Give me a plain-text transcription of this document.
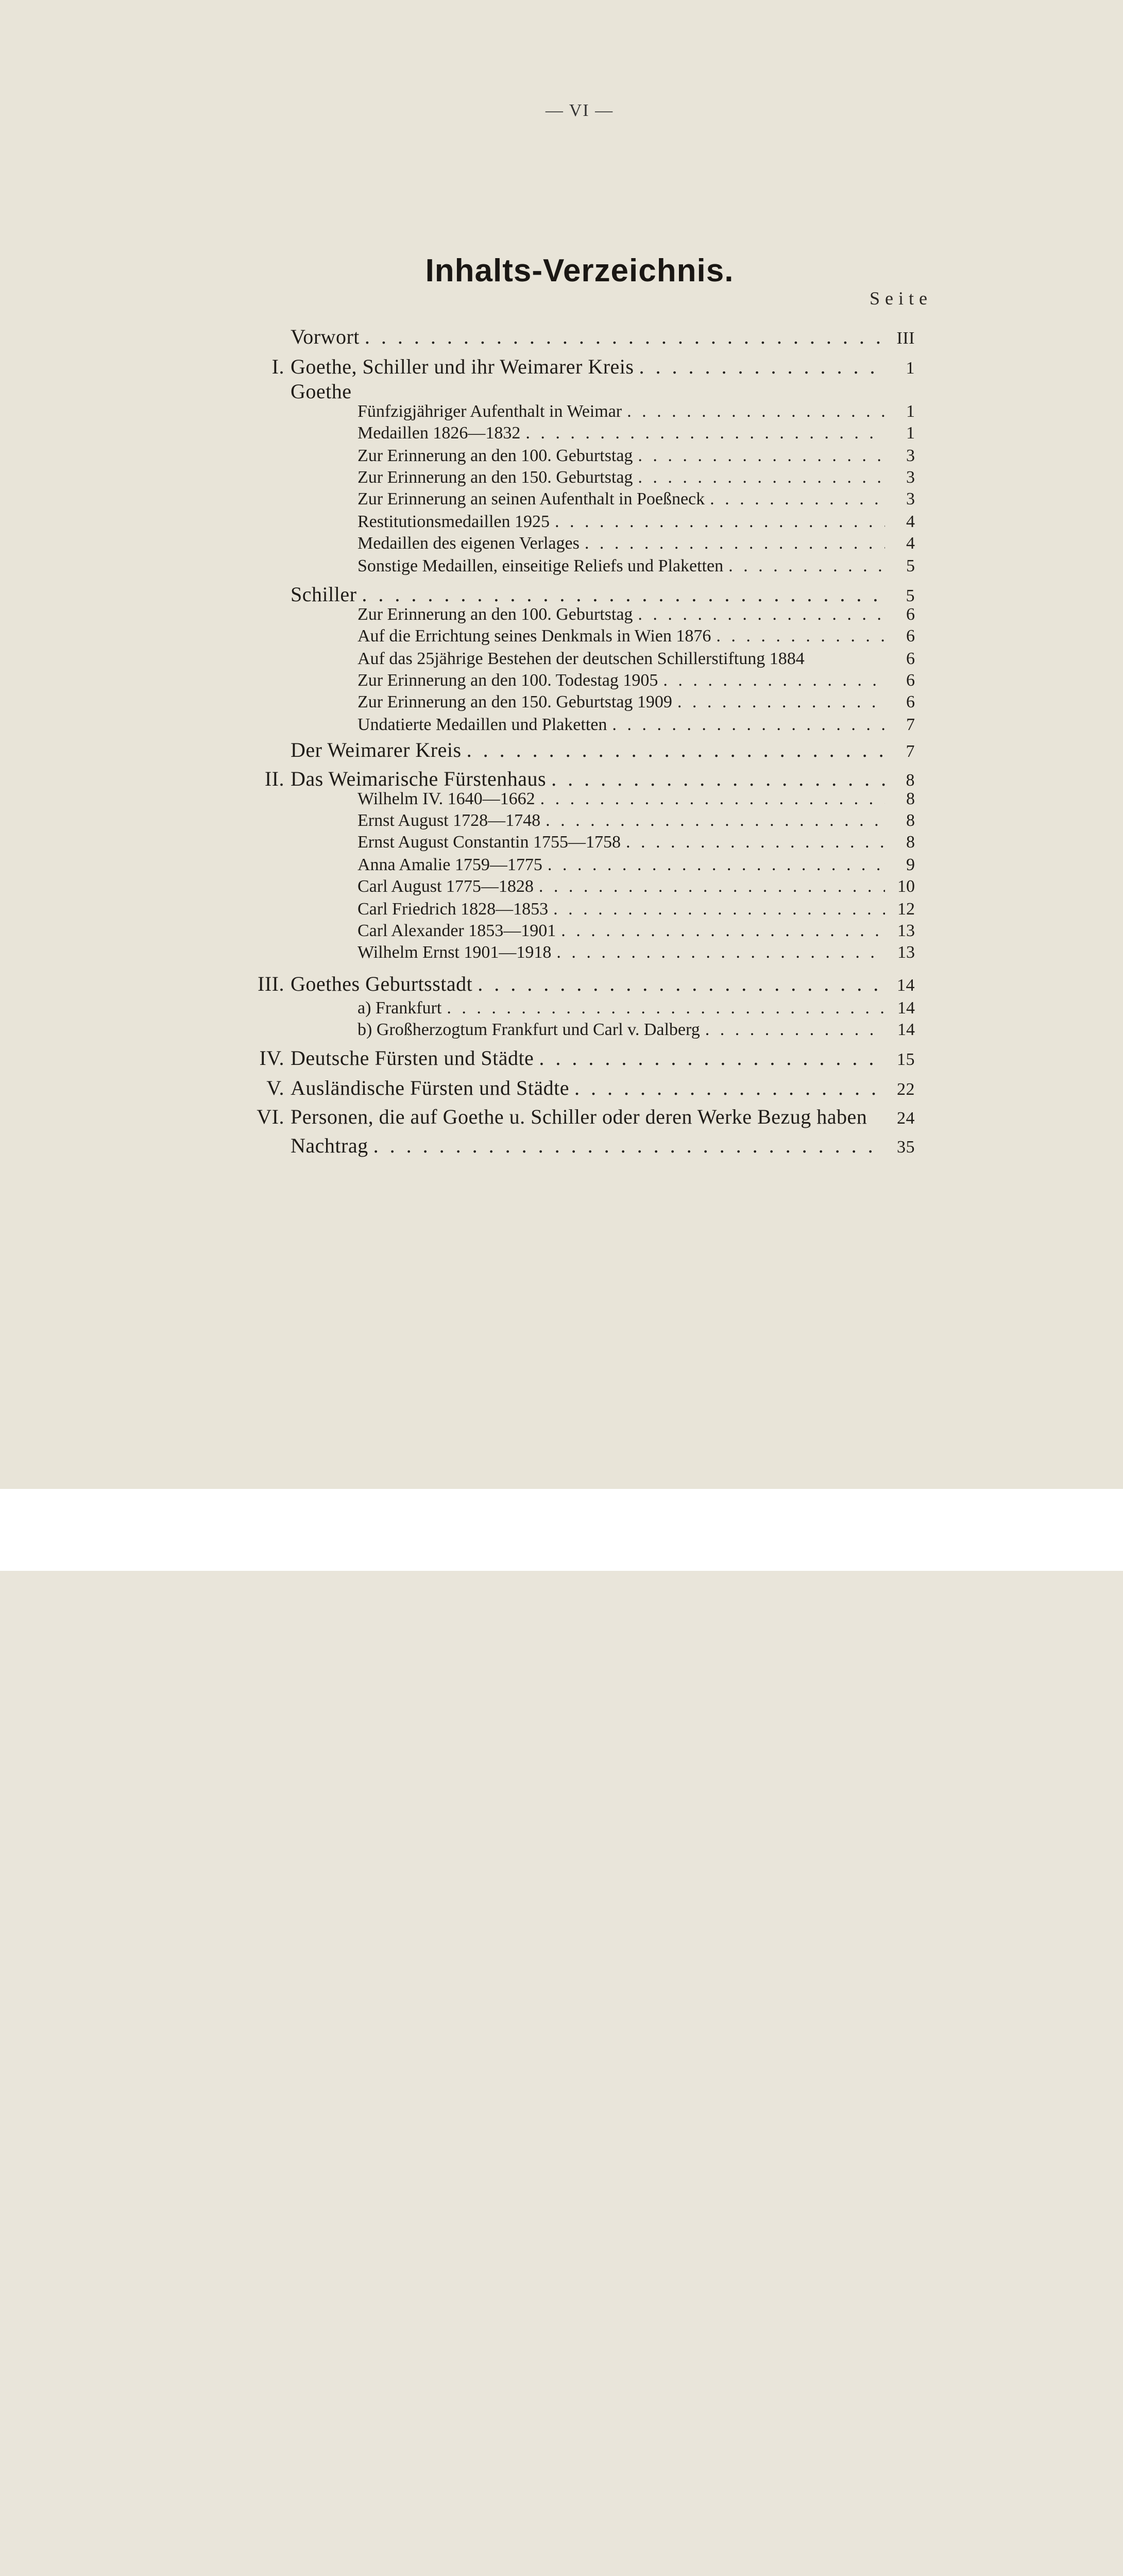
— VI —
Inhalts-Verzeichnis.
Seite
Vorwort . . .	III
I. Goethe, Schiller und ihr Weimarer Kreis . . .	1
Goethe
Fünfzigjähriger Aufenthalt in Weimar . . .	1
Medaillen 1826—1832 . . .	1
Zur Erinnerung an den 100. Geburtstag . . .	3
Zur Erinnerung an den 150. Geburtstag . . .	3
Zur Erinnerung an seinen Aufenthalt in Poeßneck . . .	3
Restitutionsmedaillen 1925 . . .	4
Medaillen des eigenen Verlages . . .	4
Sonstige Medaillen, einseitige Reliefs und Plaketten . . .	5
Schiller . . .	5
Zur Erinnerung an den 100. Geburtstag . . .	6
Auf die Errichtung seines Denkmals in Wien 1876 . . .	6
Auf das 25jährige Bestehen der deutschen Schillerstiftung 1884	6
Zur Erinnerung an den 100. Todestag 1905 . . .	6
Zur Erinnerung an den 150. Geburtstag 1909 . . .	6
Undatierte Medaillen und Plaketten . . .	7
Der Weimarer Kreis . . .	7
II. Das Weimarische Fürstenhaus . . .	8
Wilhelm IV. 1640—1662 . . .	8
Ernst August 1728—1748 . . .	8
Ernst August Constantin 1755—1758 . . .	8
Anna Amalie 1759—1775 . . .	9
Carl August 1775—1828 . . .	10
Carl Friedrich 1828—1853 . . .	12
Carl Alexander 1853—1901 . . .	13
Wilhelm Ernst 1901—1918 . . .	13
III. Goethes Geburtsstadt . . .	14
a) Frankfurt . . .	14
b) Großherzogtum Frankfurt und Carl v. Dalberg . . .	14
IV. Deutsche Fürsten und Städte . . .	15
V. Ausländische Fürsten und Städte . . .	22
VI. Personen, die auf Goethe u. Schiller oder deren Werke Bezug haben	24
Nachtrag . . .	35
